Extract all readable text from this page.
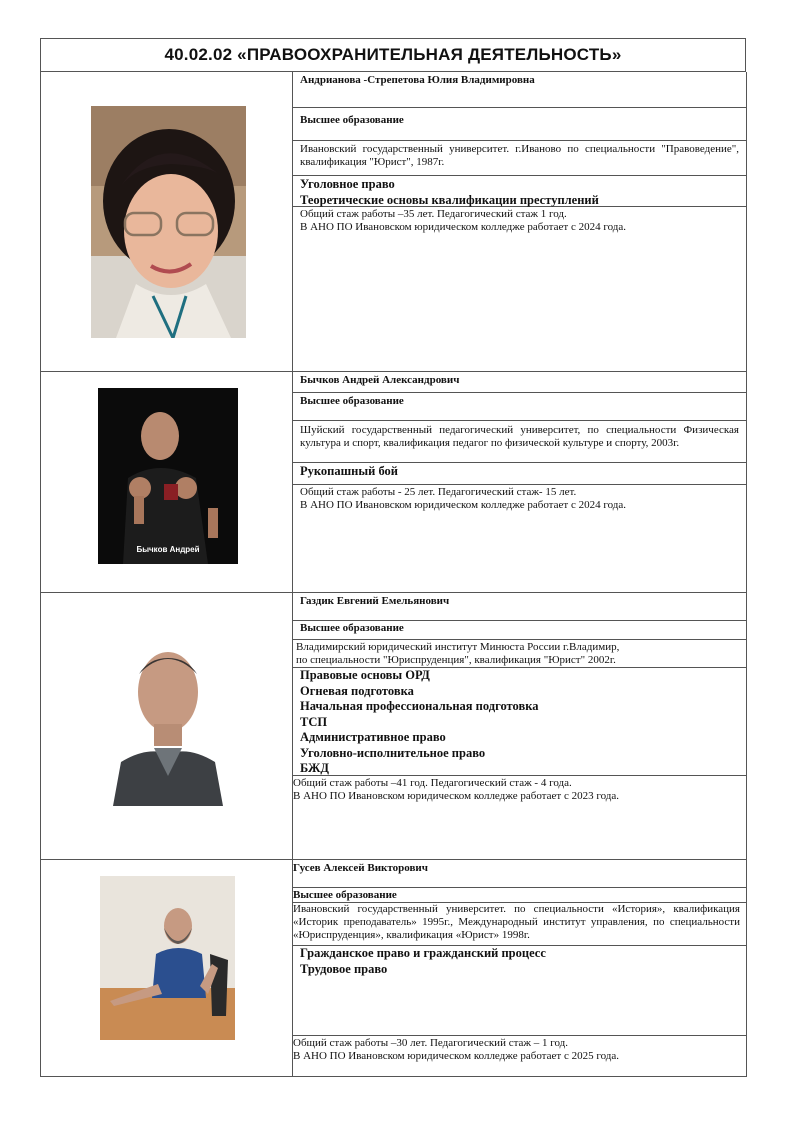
40.02.02 «ПРАВООХРАНИТЕЛЬНАЯ ДЕЯТЕЛЬНОСТЬ»
Андрианова -Стрепетова Юлия Владимировна
Высшее образование
Ивановский государственный университет. г.Иваново по специальности "Правоведение", квалификация "Юрист", 1987г.
Уголовное право
Теоретические основы квалификации преступлений
Общий стаж работы –35 лет. Педагогический стаж 1 год.
В АНО ПО Ивановском юридическом колледже работает с 2024 года.
Бычков Андрей
Бычков Андрей Александрович
Высшее образование
Шуйский государственный педагогический университет, по специальности Физическая культура и спорт, квалификация педагог по физической культуре и спорту, 2003г.
Рукопашный бой
Общий стаж работы - 25 лет. Педагогический стаж- 15 лет.
В АНО ПО Ивановском юридическом колледже работает с 2024 года.
Газдик Евгений Емельянович
Высшее образование
Владимирский юридический институт Минюста России г.Владимир,
по специальности "Юриспруденция", квалификация "Юрист" 2002г.
Правовые основы ОРД
Огневая подготовка
Начальная профессиональная подготовка
ТСП
Административное право
Уголовно-исполнительное право
БЖД
Общий стаж работы –41 год. Педагогический стаж - 4 года.
В АНО ПО Ивановском юридическом колледже работает с 2023 года.
Гусев Алексей Викторович
Высшее образование
Ивановский государственный университет. по специальности «История», квалификация «Историк преподаватель» 1995г., Международный институт управления, по специальности «Юриспруденция», квалификация «Юрист» 1998г.
Гражданское право и гражданский процесс
Трудовое право
Общий стаж работы –30 лет. Педагогический стаж – 1 год.
В АНО ПО Ивановском юридическом колледже работает с 2025 года.
